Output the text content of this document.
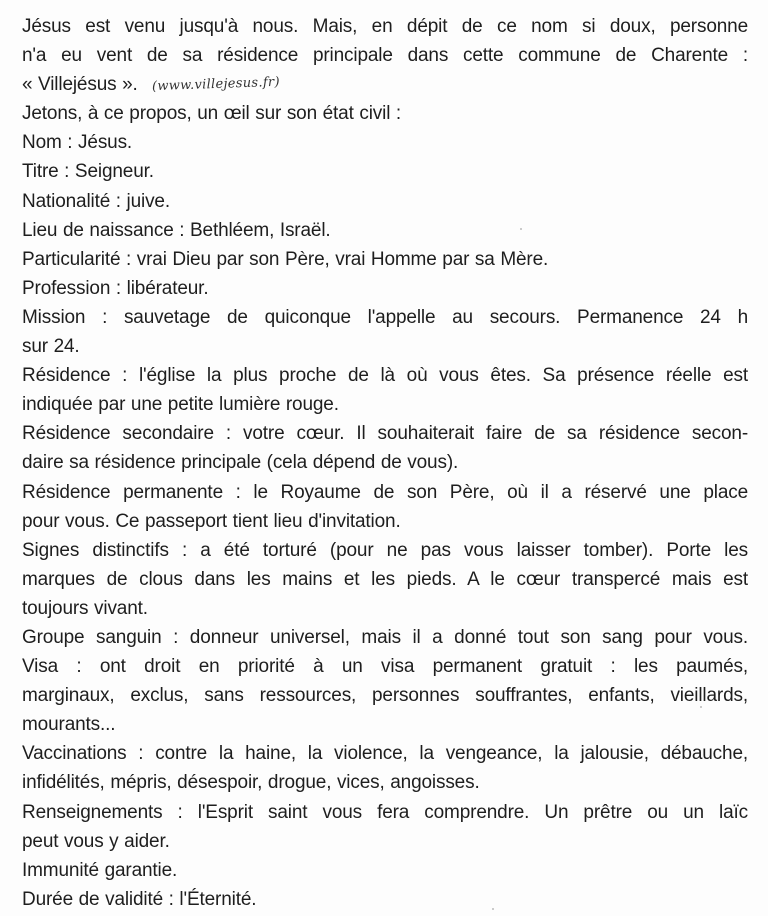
Jésus est venu jusqu'à nous. Mais, en dépit de ce nom si doux, personne
n'a eu vent de sa résidence principale dans cette commune de Charente :
« Villejésus ». (www.villejesus.fr)
Jetons, à ce propos, un œil sur son état civil :
Nom : Jésus.
Titre : Seigneur.
Nationalité : juive.
Lieu de naissance : Bethléem, Israël.
Particularité : vrai Dieu par son Père, vrai Homme par sa Mère.
Profession : libérateur.
Mission : sauvetage de quiconque l'appelle au secours. Permanence 24 h
sur 24.
Résidence : l'église la plus proche de là où vous êtes. Sa présence réelle est
indiquée par une petite lumière rouge.
Résidence secondaire : votre cœur. Il souhaiterait faire de sa résidence secon-
daire sa résidence principale (cela dépend de vous).
Résidence permanente : le Royaume de son Père, où il a réservé une place
pour vous. Ce passeport tient lieu d'invitation.
Signes distinctifs : a été torturé (pour ne pas vous laisser tomber). Porte les
marques de clous dans les mains et les pieds. A le cœur transpercé mais est
toujours vivant.
Groupe sanguin : donneur universel, mais il a donné tout son sang pour vous.
Visa : ont droit en priorité à un visa permanent gratuit : les paumés,
marginaux, exclus, sans ressources, personnes souffrantes, enfants, vieillards,
mourants...
Vaccinations : contre la haine, la violence, la vengeance, la jalousie, débauche,
infidélités, mépris, désespoir, drogue, vices, angoisses.
Renseignements : l'Esprit saint vous fera comprendre. Un prêtre ou un laïc
peut vous y aider.
Immunité garantie.
Durée de validité : l'Éternité.
